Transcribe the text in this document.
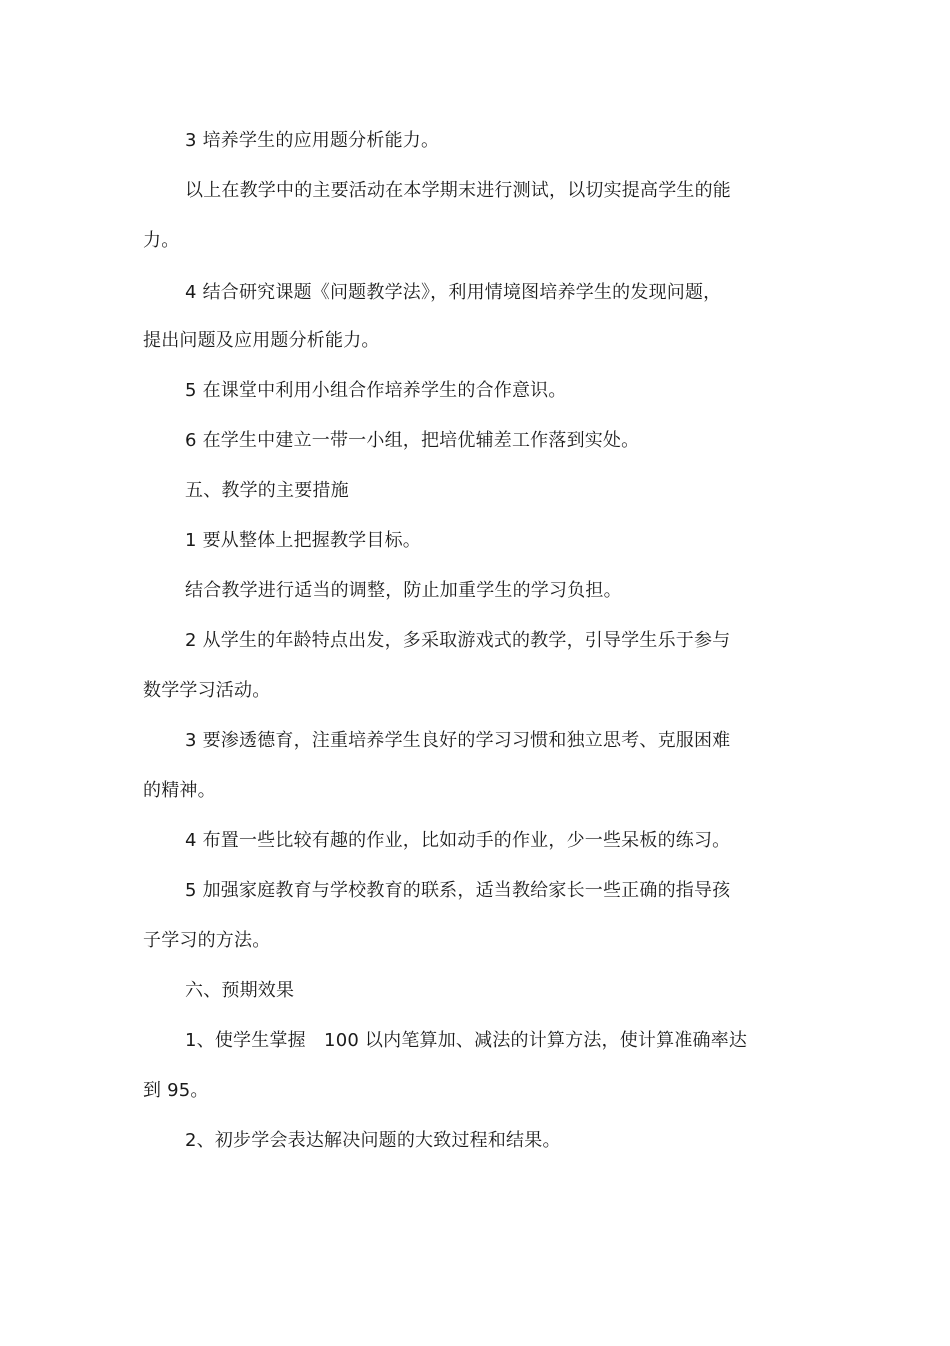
3 培养学生的应用题分析能力。
以上在教学中的主要活动在本学期末进行测试，以切实提高学生的能
力。
4 结合研究课题《问题教学法》，利用情境图培养学生的发现问题，
提出问题及应用题分析能力。
5 在课堂中利用小组合作培养学生的合作意识。
6 在学生中建立一带一小组，把培优辅差工作落到实处。
五、教学的主要措施
1 要从整体上把握教学目标。
结合教学进行适当的调整，防止加重学生的学习负担。
2 从学生的年龄特点出发，多采取游戏式的教学，引导学生乐于参与
数学学习活动。
3 要渗透德育，注重培养学生良好的学习习惯和独立思考、克服困难
的精神。
4 布置一些比较有趣的作业，比如动手的作业，少一些呆板的练习。
5 加强家庭教育与学校教育的联系，适当教给家长一些正确的指导孩
子学习的方法。
六、预期效果
1、使学生掌握　100 以内笔算加、减法的计算方法，使计算准确率达
到 95。
2、初步学会表达解决问题的大致过程和结果。
